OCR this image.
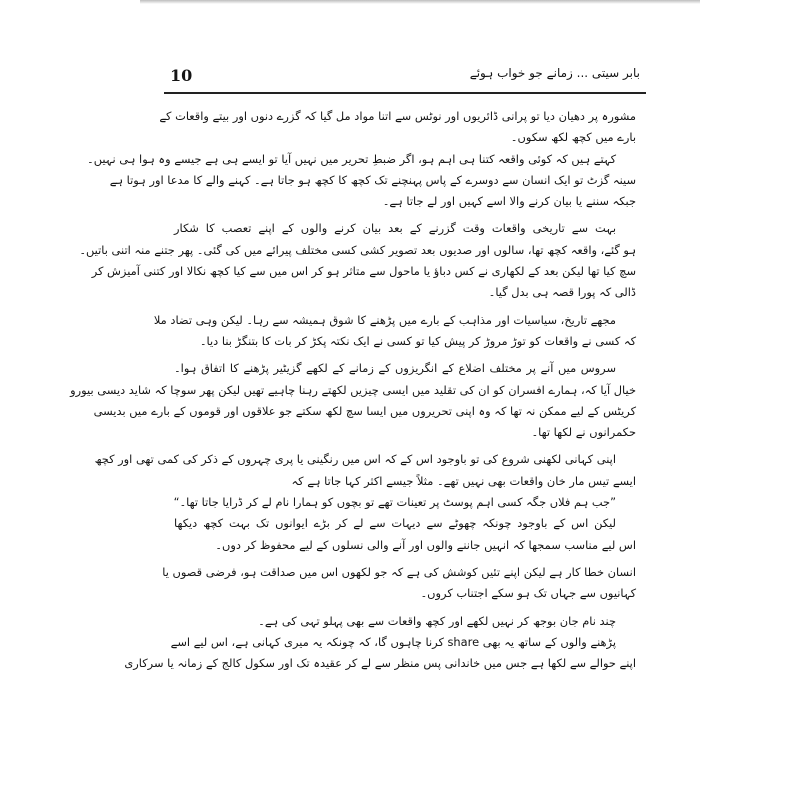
10	بابر سیتی ... زمانے جو خواب ہوئے
مشورہ پر دھیان دیا تو پرانی ڈائریوں اور نوٹس سے اتنا مواد مل گیا کہ گزرے دنوں اور بیتے واقعات کے
بارے میں کچھ لکھ سکوں۔
کہتے ہیں کہ کوئی واقعہ کتنا ہی اہم ہو، اگر ضبطِ تحریر میں نہیں آیا تو ایسے ہی ہے جیسے وہ ہوا ہی نہیں۔
سینہ گزٹ تو ایک انسان سے دوسرے کے پاس پہنچنے تک کچھ کا کچھ ہو جاتا ہے۔ کہنے والے کا مدعا اور ہوتا ہے
جبکہ سننے یا بیان کرنے والا اسے کہیں اور لے جاتا ہے۔
بہت سے تاریخی واقعات وقت گزرنے کے بعد بیان کرنے والوں کے اپنے تعصب کا شکار
ہو گئے، واقعہ کچھ تھا، سالوں اور صدیوں بعد تصویر کشی کسی مختلف پیرائے میں کی گئی۔ پھر جتنے منہ اتنی باتیں۔
سچ کیا تھا لیکن بعد کے لکھاری نے کس دباؤ یا ماحول سے متاثر ہو کر اس میں سے کیا کچھ نکالا اور کتنی آمیزش کر
ڈالی کہ پورا قصہ ہی بدل گیا۔
مجھے تاریخ، سیاسیات اور مذاہب کے بارے میں پڑھنے کا شوق ہمیشہ سے رہا۔ لیکن وہی تضاد ملا
کہ کسی نے واقعات کو توڑ مروڑ کر پیش کیا تو کسی نے ایک نکتہ پکڑ کر بات کا بتنگڑ بنا دیا۔
سروس میں آنے پر مختلف اضلاع کے انگریزوں کے زمانے کے لکھے گزیٹیر پڑھنے کا اتفاق ہوا۔
خیال آیا کہ، ہمارے افسران کو ان کی تقلید میں ایسی چیزیں لکھتے رہنا چاہیے تھیں لیکن پھر سوچا کہ شاید دیسی بیورو
کریٹس کے لیے ممکن نہ تھا کہ وہ اپنی تحریروں میں ایسا سچ لکھ سکتے جو علاقوں اور قوموں کے بارے میں بدیسی
حکمرانوں نے لکھا تھا۔
اپنی کہانی لکھنی شروع کی تو باوجود اس کے کہ اس میں رنگینی یا پری چہروں کے ذکر کی کمی تھی اور کچھ
ایسے تیس مار خان واقعات بھی نہیں تھے۔ مثلاً جیسے اکثر کہا جاتا ہے کہ
”جب ہم فلاں جگہ کسی اہم پوسٹ پر تعینات تھے تو بچوں کو ہمارا نام لے کر ڈرایا جاتا تھا۔“
لیکن اس کے باوجود چونکہ چھوٹے سے دیہات سے لے کر بڑے ایوانوں تک بہت کچھ دیکھا
اس لیے مناسب سمجھا کہ انہیں جاننے والوں اور آنے والی نسلوں کے لیے محفوظ کر دوں۔
انسان خطا کار ہے لیکن اپنے تئیں کوشش کی ہے کہ جو لکھوں اس میں صداقت ہو، فرضی قصوں یا
کہانیوں سے جہاں تک ہو سکے اجتناب کروں۔
چند نام جان بوجھ کر نہیں لکھے اور کچھ واقعات سے بھی پہلو تہی کی ہے۔
پڑھنے والوں کے ساتھ یہ بھی share کرنا چاہوں گا، کہ چونکہ یہ میری کہانی ہے، اس لیے اسے
اپنے حوالے سے لکھا ہے جس میں خاندانی پس منظر سے لے کر عقیدہ تک اور سکول کالج کے زمانہ یا سرکاری
